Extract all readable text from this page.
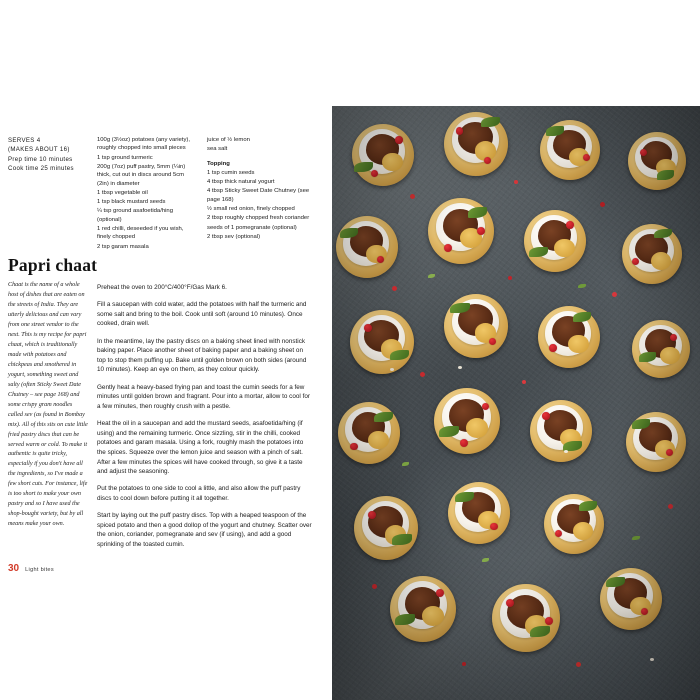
SERVES 4
(MAKES ABOUT 16)
Prep time 10 minutes
Cook time 25 minutes
Papri chaat
Chaat is the name of a whole host of dishes that are eaten on the streets of India. They are utterly delicious and can vary from one street vendor to the next. This is my recipe for papri chaat, which is traditionally made with potatoes and chickpeas and smothered in yogurt, something sweet and salty (often Sticky Sweet Date Chutney – see page 168) and some crispy gram noodles called sev (as found in Bombay mix). All of this sits on cute little fried pastry discs that can be served warm or cold. To make it authentic is quite tricky, especially if you don't have all the ingredients, so I've made a few short cuts. For instance, life is too short to make your own pastry and so I have used the shop-bought variety, but by all means make your own.

100g (3½oz) potatoes (any variety), roughly chopped into small pieces

1 tsp ground turmeric

200g (7oz) puff pastry, 5mm (¼in) thick, cut out in discs around 5cm (2in) in diameter

1 tbsp vegetable oil

1 tsp black mustard seeds

¼ tsp ground asafoetida/hing (optional)

1 red chilli, deseeded if you wish, finely chopped

2 tsp garam masala

juice of ½ lemon

sea salt

Topping

1 tsp cumin seeds

4 tbsp thick natural yogurt

4 tbsp Sticky Sweet Date Chutney (see page 168)

½ small red onion, finely chopped

2 tbsp roughly chopped fresh coriander

seeds of 1 pomegranate (optional)

2 tbsp sev (optional)

Preheat the oven to 200°C/400°F/Gas Mark 6.

Fill a saucepan with cold water, add the potatoes with half the turmeric and some salt and bring to the boil. Cook until soft (around 10 minutes). Once cooked, drain well.

In the meantime, lay the pastry discs on a baking sheet lined with nonstick baking paper. Place another sheet of baking paper and a baking sheet on top to stop them puffing up. Bake until golden brown on both sides (around 10 minutes). Keep an eye on them, as they colour quickly.

Gently heat a heavy-based frying pan and toast the cumin seeds for a few minutes until golden brown and fragrant. Pour into a mortar, allow to cool for a few minutes, then roughly crush with a pestle.

Heat the oil in a saucepan and add the mustard seeds, asafoetida/hing (if using) and the remaining turmeric. Once sizzling, stir in the chilli, cooked potatoes and garam masala. Using a fork, roughly mash the potatoes into the spices. Squeeze over the lemon juice and season with a pinch of salt. After a few minutes the spices will have cooked through, so give it a taste and adjust the seasoning.

Put the potatoes to one side to cool a little, and also allow the puff pastry discs to cool down before putting it all together.

Start by laying out the puff pastry discs. Top with a heaped teaspoon of the spiced potato and then a good dollop of the yogurt and chutney. Scatter over the onion, coriander, pomegranate and sev (if using), and add a good sprinkling of the toasted cumin.

30 Light bites
